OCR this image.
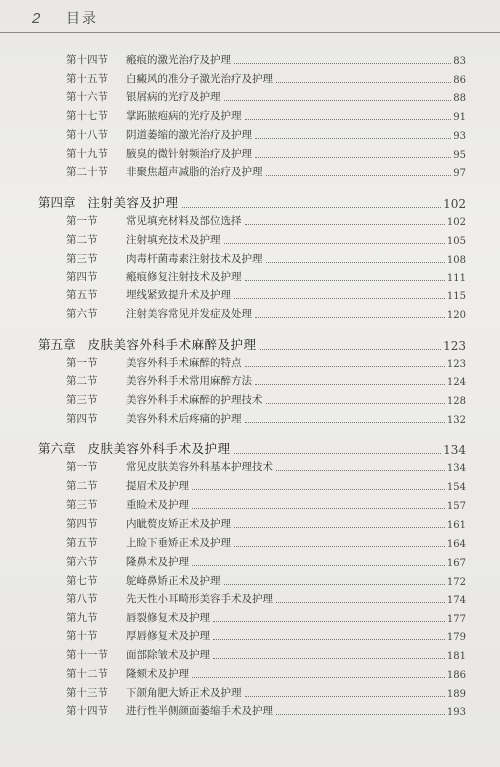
2	目录
第十四节	瘢痕的激光治疗及护理	83
第十五节	白癜风的准分子激光治疗及护理	86
第十六节	银屑病的光疗及护理	88
第十七节	掌跖脓疱病的光疗及护理	91
第十八节	阴道萎缩的激光治疗及护理	93
第十九节	腋臭的微针射频治疗及护理	95
第二十节	非聚焦超声减脂的治疗及护理	97
第四章 注射美容及护理	102
第一节	常见填充材料及部位选择	102
第二节	注射填充技术及护理	105
第三节	肉毒杆菌毒素注射技术及护理	108
第四节	瘢痕修复注射技术及护理	111
第五节	埋线紧致提升术及护理	115
第六节	注射美容常见并发症及处理	120
第五章 皮肤美容外科手术麻醉及护理	123
第一节	美容外科手术麻醉的特点	123
第二节	美容外科手术常用麻醉方法	124
第三节	美容外科手术麻醉的护理技术	128
第四节	美容外科术后疼痛的护理	132
第六章 皮肤美容外科手术及护理	134
第一节	常见皮肤美容外科基本护理技术	134
第二节	提眉术及护理	154
第三节	重睑术及护理	157
第四节	内眦赘皮矫正术及护理	161
第五节	上睑下垂矫正术及护理	164
第六节	隆鼻术及护理	167
第七节	鸵峰鼻矫正术及护理	172
第八节	先天性小耳畸形美容手术及护理	174
第九节	唇裂修复术及护理	177
第十节	厚唇修复术及护理	179
第十一节	面部除皱术及护理	181
第十二节	隆颏术及护理	186
第十三节	下颌角肥大矫正术及护理	189
第十四节	进行性半侧颜面萎缩手术及护理	193
